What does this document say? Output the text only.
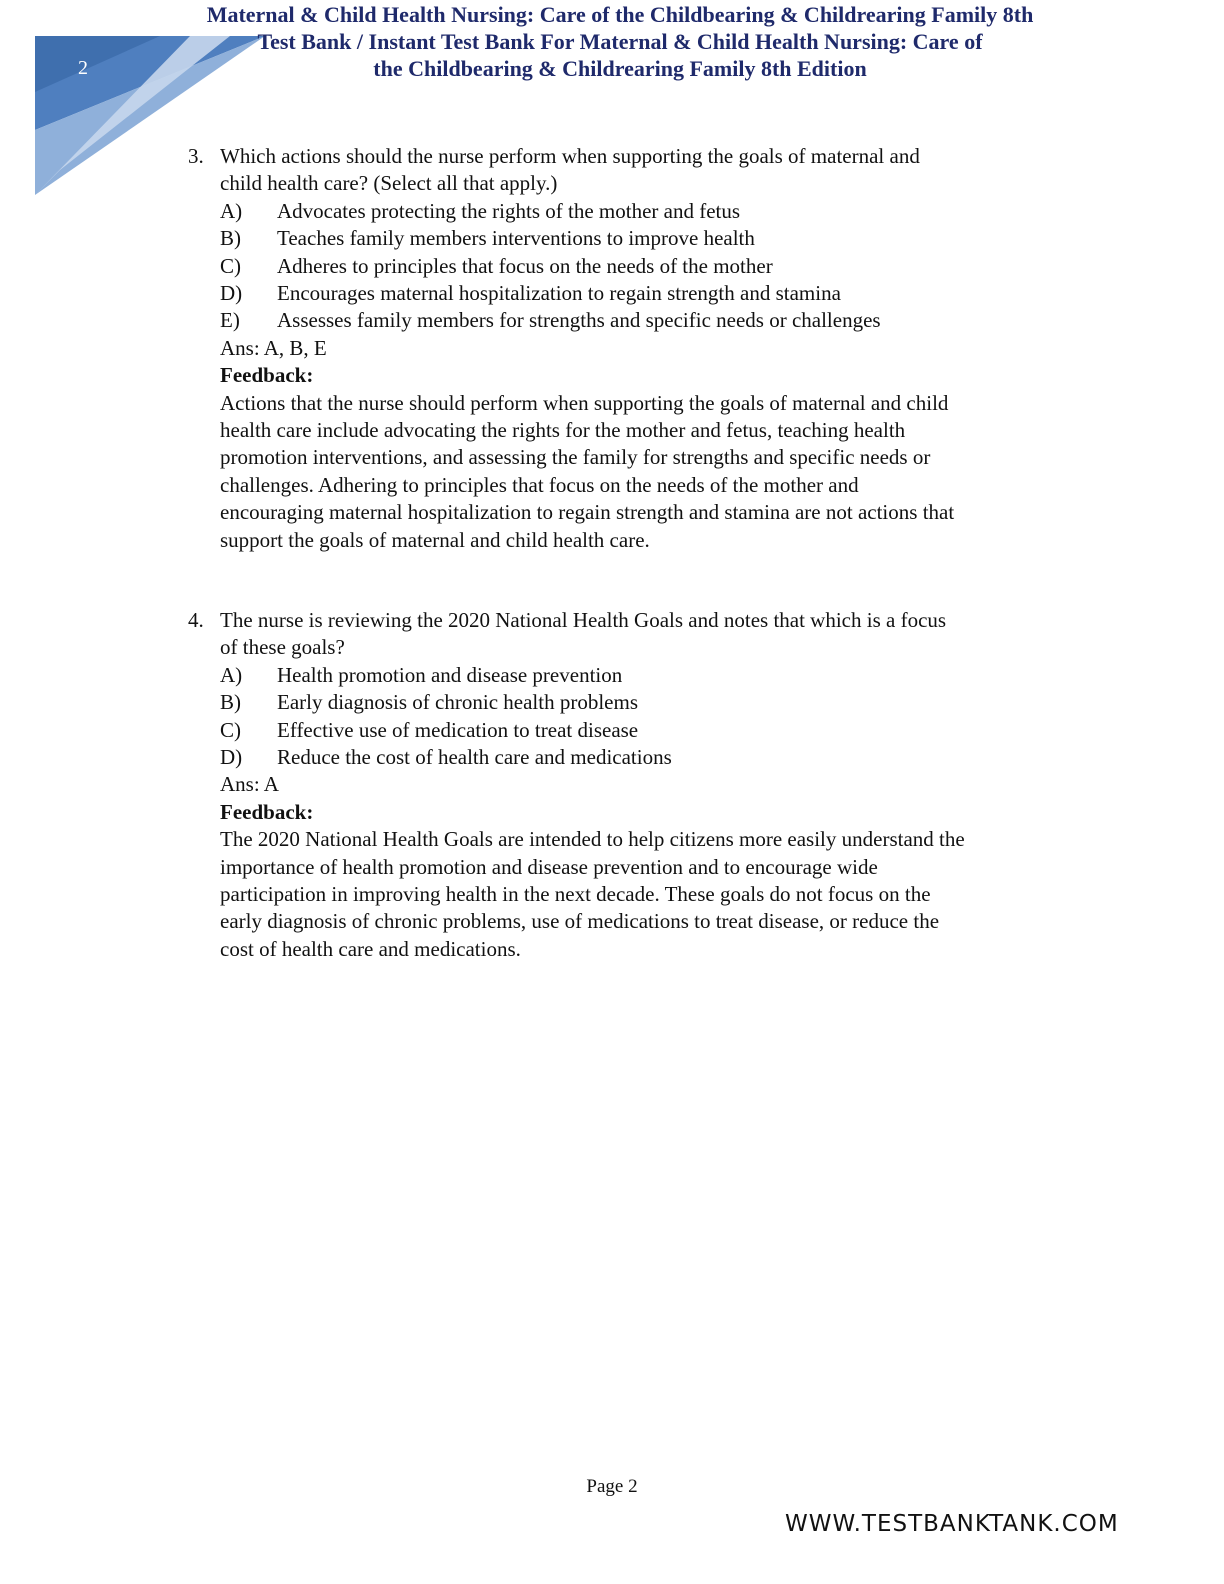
2
Maternal & Child Health Nursing: Care of the Childbearing & Childrearing Family 8th
Test Bank / Instant Test Bank For Maternal & Child Health Nursing: Care of
the Childbearing & Childrearing Family 8th Edition
3. Which actions should the nurse perform when supporting the goals of maternal and
child health care? (Select all that apply.)
A)	Advocates protecting the rights of the mother and fetus
B)	Teaches family members interventions to improve health
C)	Adheres to principles that focus on the needs of the mother
D)	Encourages maternal hospitalization to regain strength and stamina
E)	Assesses family members for strengths and specific needs or challenges
Ans: A, B, E
Feedback:
Actions that the nurse should perform when supporting the goals of maternal and child
health care include advocating the rights for the mother and fetus, teaching health
promotion interventions, and assessing the family for strengths and specific needs or
challenges. Adhering to principles that focus on the needs of the mother and
encouraging maternal hospitalization to regain strength and stamina are not actions that
support the goals of maternal and child health care.
4. The nurse is reviewing the 2020 National Health Goals and notes that which is a focus
of these goals?
A)	Health promotion and disease prevention
B)	Early diagnosis of chronic health problems
C)	Effective use of medication to treat disease
D)	Reduce the cost of health care and medications
Ans: A
Feedback:
The 2020 National Health Goals are intended to help citizens more easily understand the
importance of health promotion and disease prevention and to encourage wide
participation in improving health in the next decade. These goals do not focus on the
early diagnosis of chronic problems, use of medications to treat disease, or reduce the
cost of health care and medications.
Page 2
WWW.TESTBANKTANK.COM
